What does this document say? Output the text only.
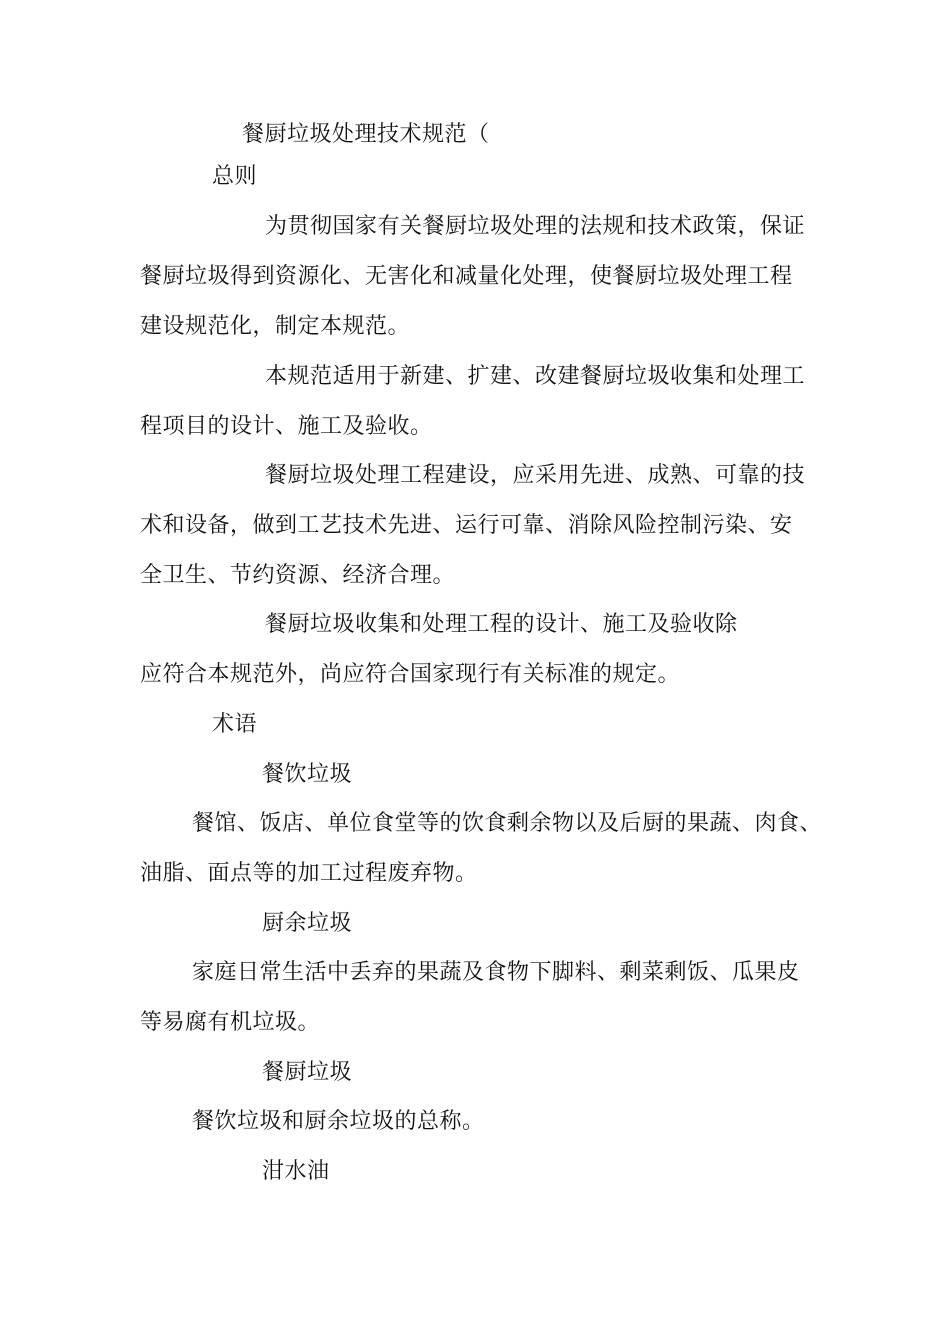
餐厨垃圾处理技术规范（
总则
为贯彻国家有关餐厨垃圾处理的法规和技术政策，保证
餐厨垃圾得到资源化、无害化和减量化处理，使餐厨垃圾处理工程
建设规范化，制定本规范。
本规范适用于新建、扩建、改建餐厨垃圾收集和处理工
程项目的设计、施工及验收。
餐厨垃圾处理工程建设，应采用先进、成熟、可靠的技
术和设备，做到工艺技术先进、运行可靠、消除风险控制污染、安
全卫生、节约资源、经济合理。
餐厨垃圾收集和处理工程的设计、施工及验收除
应符合本规范外，尚应符合国家现行有关标准的规定。
术语
餐饮垃圾
餐馆、饭店、单位食堂等的饮食剩余物以及后厨的果蔬、肉食、
油脂、面点等的加工过程废弃物。
厨余垃圾
家庭日常生活中丢弃的果蔬及食物下脚料、剩菜剩饭、瓜果皮
等易腐有机垃圾。
餐厨垃圾
餐饮垃圾和厨余垃圾的总称。
泔水油
